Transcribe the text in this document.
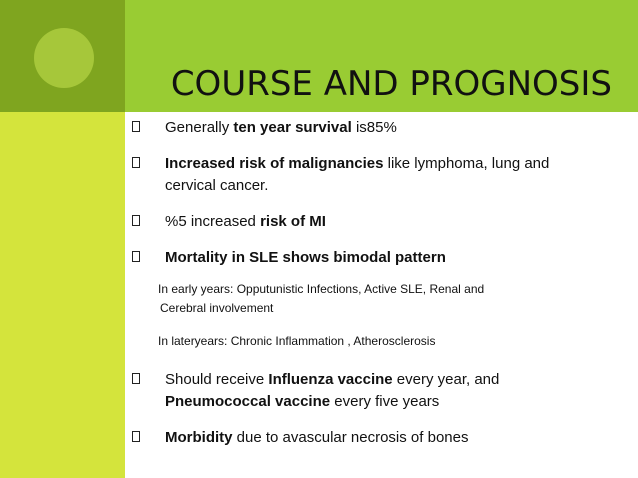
COURSE AND PROGNOSIS
Generally ten year survival is85%
Increased risk of malignancies like lymphoma, lung and
cervical cancer.
%5 increased risk of MI
Mortality in SLE shows bimodal pattern
In early years: Opputunistic Infections, Active SLE, Renal and
Cerebral involvement
In lateryears: Chronic Inflammation , Atherosclerosis
Should receive Influenza vaccine every year, and
Pneumococcal vaccine every five years
Morbidity due to avascular necrosis of bones
